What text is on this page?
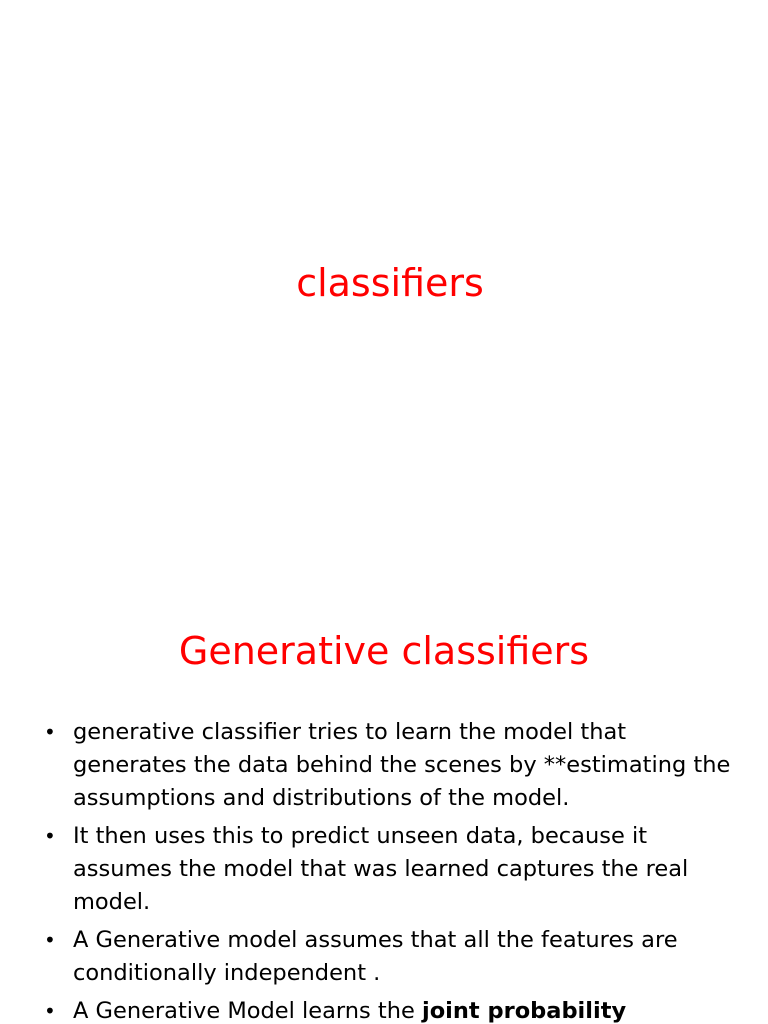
classifiers
Generative classifiers
• generative classifier tries to learn the model that generates the data behind the scenes by **estimating the assumptions and distributions of the model.
• It then uses this to predict unseen data, because it assumes the model that was learned captures the real model.
• A Generative model assumes that all the features are conditionally independent .
• A Generative Model learns the joint probability
